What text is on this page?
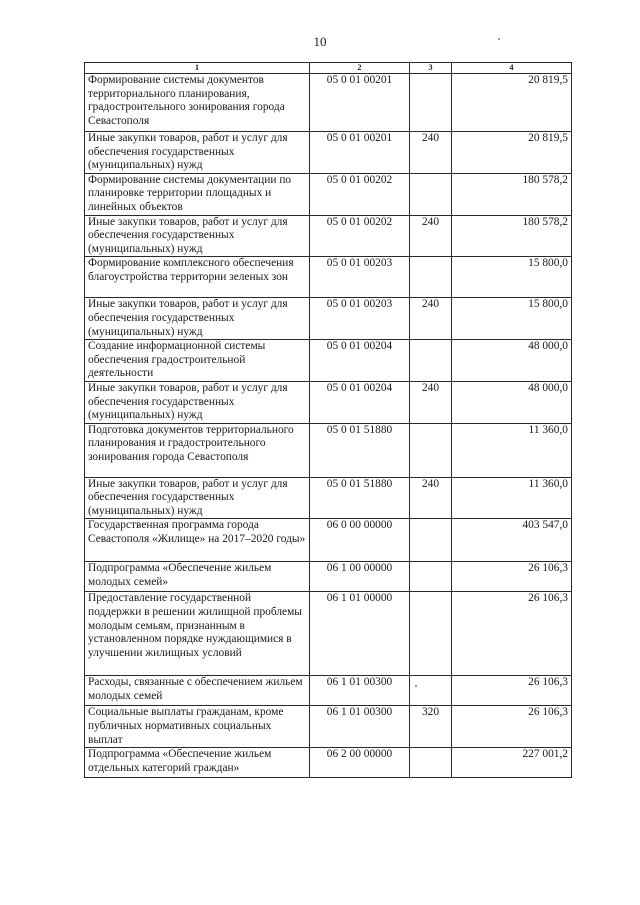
10
1	2	3	4
Формирование системы документов территориального планирования, градостроительного зонирования города Севастополя	05 0 01 00201		20 819,5
Иные закупки товаров, работ и услуг для обеспечения государственных (муниципальных) нужд	05 0 01 00201	240	20 819,5
Формирование системы документации по планировке территории площадных и линейных объектов	05 0 01 00202		180 578,2
Иные закупки товаров, работ и услуг для обеспечения государственных (муниципальных) нужд	05 0 01 00202	240	180 578,2
Формирование комплексного обеспечения благоустройства территории зеленых зон	05 0 01 00203		15 800,0
Иные закупки товаров, работ и услуг для обеспечения государственных (муниципальных) нужд	05 0 01 00203	240	15 800,0
Создание информационной системы обеспечения градостроительной деятельности	05 0 01 00204		48 000,0
Иные закупки товаров, работ и услуг для обеспечения государственных (муниципальных) нужд	05 0 01 00204	240	48 000,0
Подготовка документов территориального планирования и градостроительного зонирования города Севастополя	05 0 01 51880		11 360,0
Иные закупки товаров, работ и услуг для обеспечения государственных (муниципальных) нужд	05 0 01 51880	240	11 360,0
Государственная программа города Севастополя «Жилище» на 2017–2020 годы»	06 0 00 00000		403 547,0
Подпрограмма «Обеспечение жильем молодых семей»	06 1 00 00000		26 106,3
Предоставление государственной поддержки в решении жилищной проблемы молодым семьям, признанным в установленном порядке нуждающимися в улучшении жилищных условий	06 1 01 00000		26 106,3
Расходы, связанные с обеспечением жильем молодых семей	06 1 01 00300		26 106,3
Социальные выплаты гражданам, кроме публичных нормативных социальных выплат	06 1 01 00300	320	26 106,3
Подпрограмма «Обеспечение жильем отдельных категорий граждан»	06 2 00 00000		227 001,2
